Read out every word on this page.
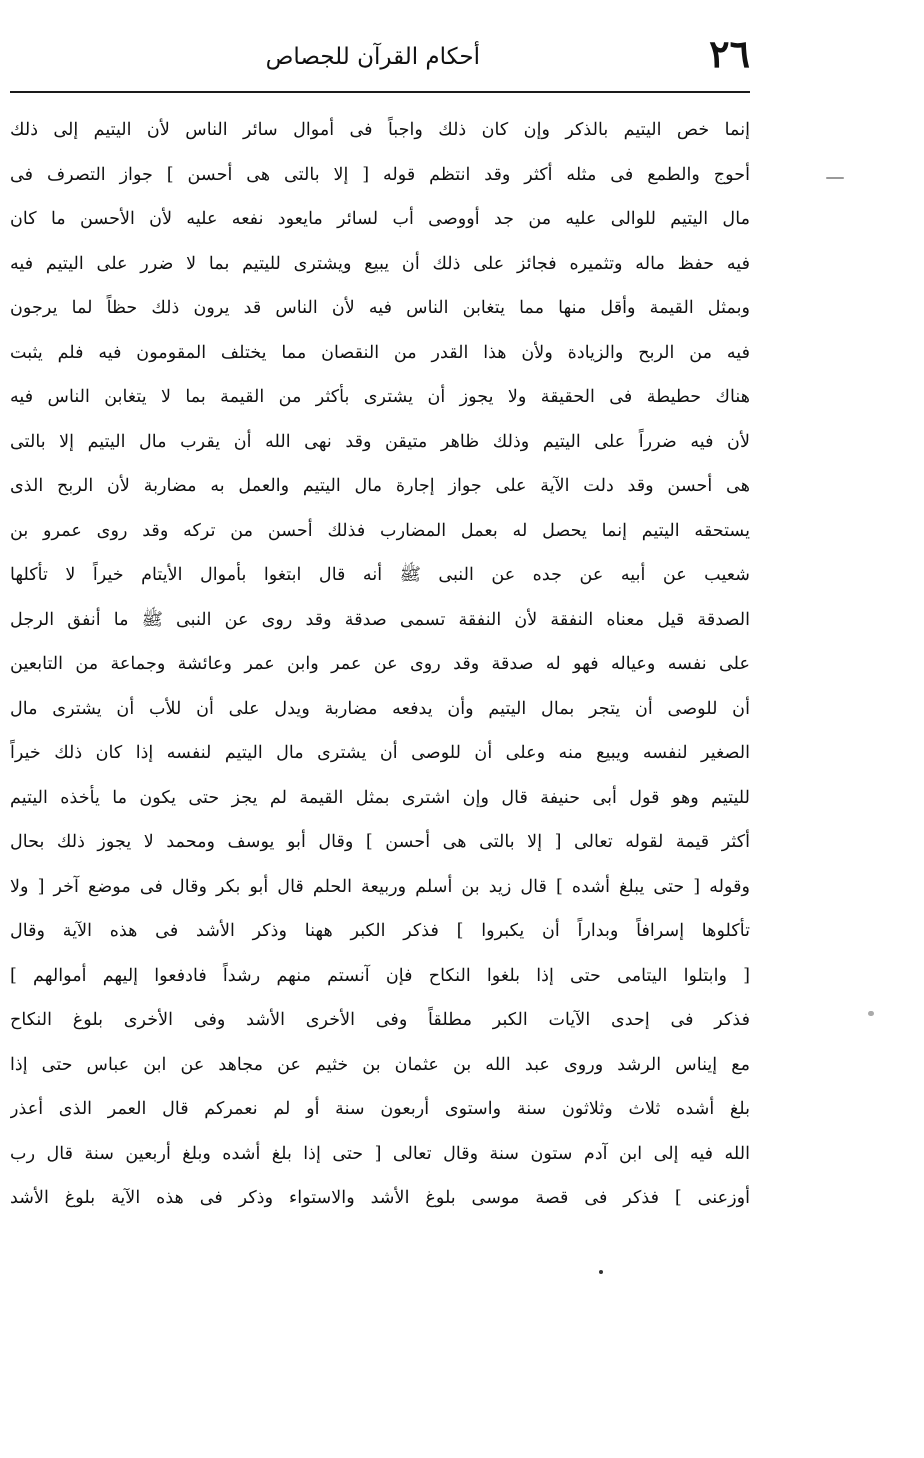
٢٦
أحكام القرآن للجصاص
إنما خص اليتيم بالذكر وإن كان ذلك واجباً فى أموال سائر الناس لأن اليتيم إلى ذلك
أحوج والطمع فى مثله أكثر وقد انتظم قوله [ إلا بالتى هى أحسن ] جواز التصرف فى
مال اليتيم للوالى عليه من جد أووصى أب لسائر مايعود نفعه عليه لأن الأحسن ما كان
فيه حفظ ماله وتثميره فجائز على ذلك أن يبيع ويشترى لليتيم بما لا ضرر على اليتيم فيه
وبمثل القيمة وأقل منها مما يتغابن الناس فيه لأن الناس قد يرون ذلك حظاً لما يرجون
فيه من الربح والزيادة ولأن هذا القدر من النقصان مما يختلف المقومون فيه فلم يثبت
هناك حطيطة فى الحقيقة ولا يجوز أن يشترى بأكثر من القيمة بما لا يتغابن الناس فيه
لأن فيه ضرراً على اليتيم وذلك ظاهر متيقن وقد نهى الله أن يقرب مال اليتيم إلا بالتى
هى أحسن وقد دلت الآية على جواز إجارة مال اليتيم والعمل به مضاربة لأن الربح الذى
يستحقه اليتيم إنما يحصل له بعمل المضارب فذلك أحسن من تركه وقد روى عمرو بن
شعيب عن أبيه عن جده عن النبى ﷺ أنه قال ابتغوا بأموال الأيتام خيراً لا تأكلها
الصدقة قيل معناه النفقة لأن النفقة تسمى صدقة وقد روى عن النبى ﷺ ما أنفق الرجل
على نفسه وعياله فهو له صدقة وقد روى عن عمر وابن عمر وعائشة وجماعة من التابعين
أن للوصى أن يتجر بمال اليتيم وأن يدفعه مضاربة ويدل على أن للأب أن يشترى مال
الصغير لنفسه ويبيع منه وعلى أن للوصى أن يشترى مال اليتيم لنفسه إذا كان ذلك خيراً
لليتيم وهو قول أبى حنيفة قال وإن اشترى بمثل القيمة لم يجز حتى يكون ما يأخذه اليتيم
أكثر قيمة لقوله تعالى [ إلا بالتى هى أحسن ] وقال أبو يوسف ومحمد لا يجوز ذلك بحال
وقوله [ حتى يبلغ أشده ] قال زيد بن أسلم وربيعة الحلم قال أبو بكر وقال فى موضع آخر [ ولا
تأكلوها إسرافاً وبداراً أن يكبروا ] فذكر الكبر ههنا وذكر الأشد فى هذه الآية وقال
[ وابتلوا اليتامى حتى إذا بلغوا النكاح فإن آنستم منهم رشداً فادفعوا إليهم أموالهم ]
فذكر فى إحدى الآيات الكبر مطلقاً وفى الأخرى الأشد وفى الأخرى بلوغ النكاح
مع إيناس الرشد وروى عبد الله بن عثمان بن خثيم عن مجاهد عن ابن عباس حتى إذا
بلغ أشده ثلاث وثلاثون سنة واستوى أربعون سنة أو لم نعمركم قال العمر الذى أعذر
الله فيه إلى ابن آدم ستون سنة وقال تعالى [ حتى إذا بلغ أشده وبلغ أربعين سنة قال رب
أوزعنى ] فذكر فى قصة موسى بلوغ الأشد والاستواء وذكر فى هذه الآية بلوغ الأشد
